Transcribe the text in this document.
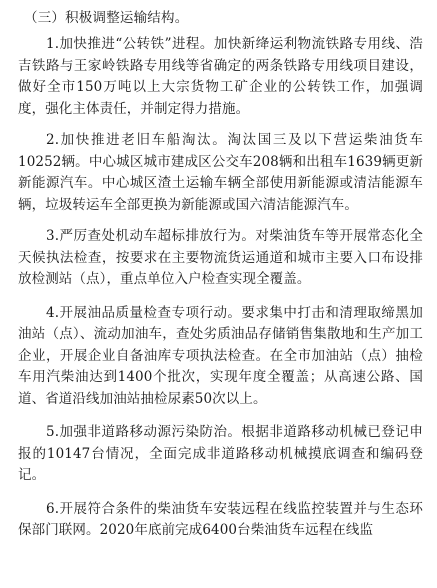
（三）积极调整运输结构。

1.加快推进“公转铁”进程。加快新绛运利物流铁路专用线、浩吉铁路与王家岭铁路专用线等省确定的两条铁路专用线项目建设，做好全市150万吨以上大宗货物工矿企业的公转铁工作，加强调度，强化主体责任，并制定得力措施。

2.加快推进老旧车船淘汰。淘汰国三及以下营运柴油货车10252辆。中心城区城市建成区公交车208辆和出租车1639辆更新新能源汽车。中心城区渣土运输车辆全部使用新能源或清洁能源车辆，垃圾转运车全部更换为新能源或国六清洁能源汽车。

3.严厉查处机动车超标排放行为。对柴油货车等开展常态化全天候执法检查，按要求在主要物流货运通道和城市主要入口布设排放检测站（点），重点单位入户检查实现全覆盖。

4.开展油品质量检查专项行动。要求集中打击和清理取缔黑加油站（点）、流动加油车，查处劣质油品存储销售集散地和生产加工企业，开展企业自备油库专项执法检查。在全市加油站（点）抽检车用汽柴油达到1400个批次，实现年度全覆盖；从高速公路、国道、省道沿线加油站抽检尿素50次以上。

5.加强非道路移动源污染防治。根据非道路移动机械已登记申报的10147台情况，全面完成非道路移动机械摸底调查和编码登记。

6.开展符合条件的柴油货车安装远程在线监控装置并与生态环保部门联网。2020年底前完成6400台柴油货车远程在线监
